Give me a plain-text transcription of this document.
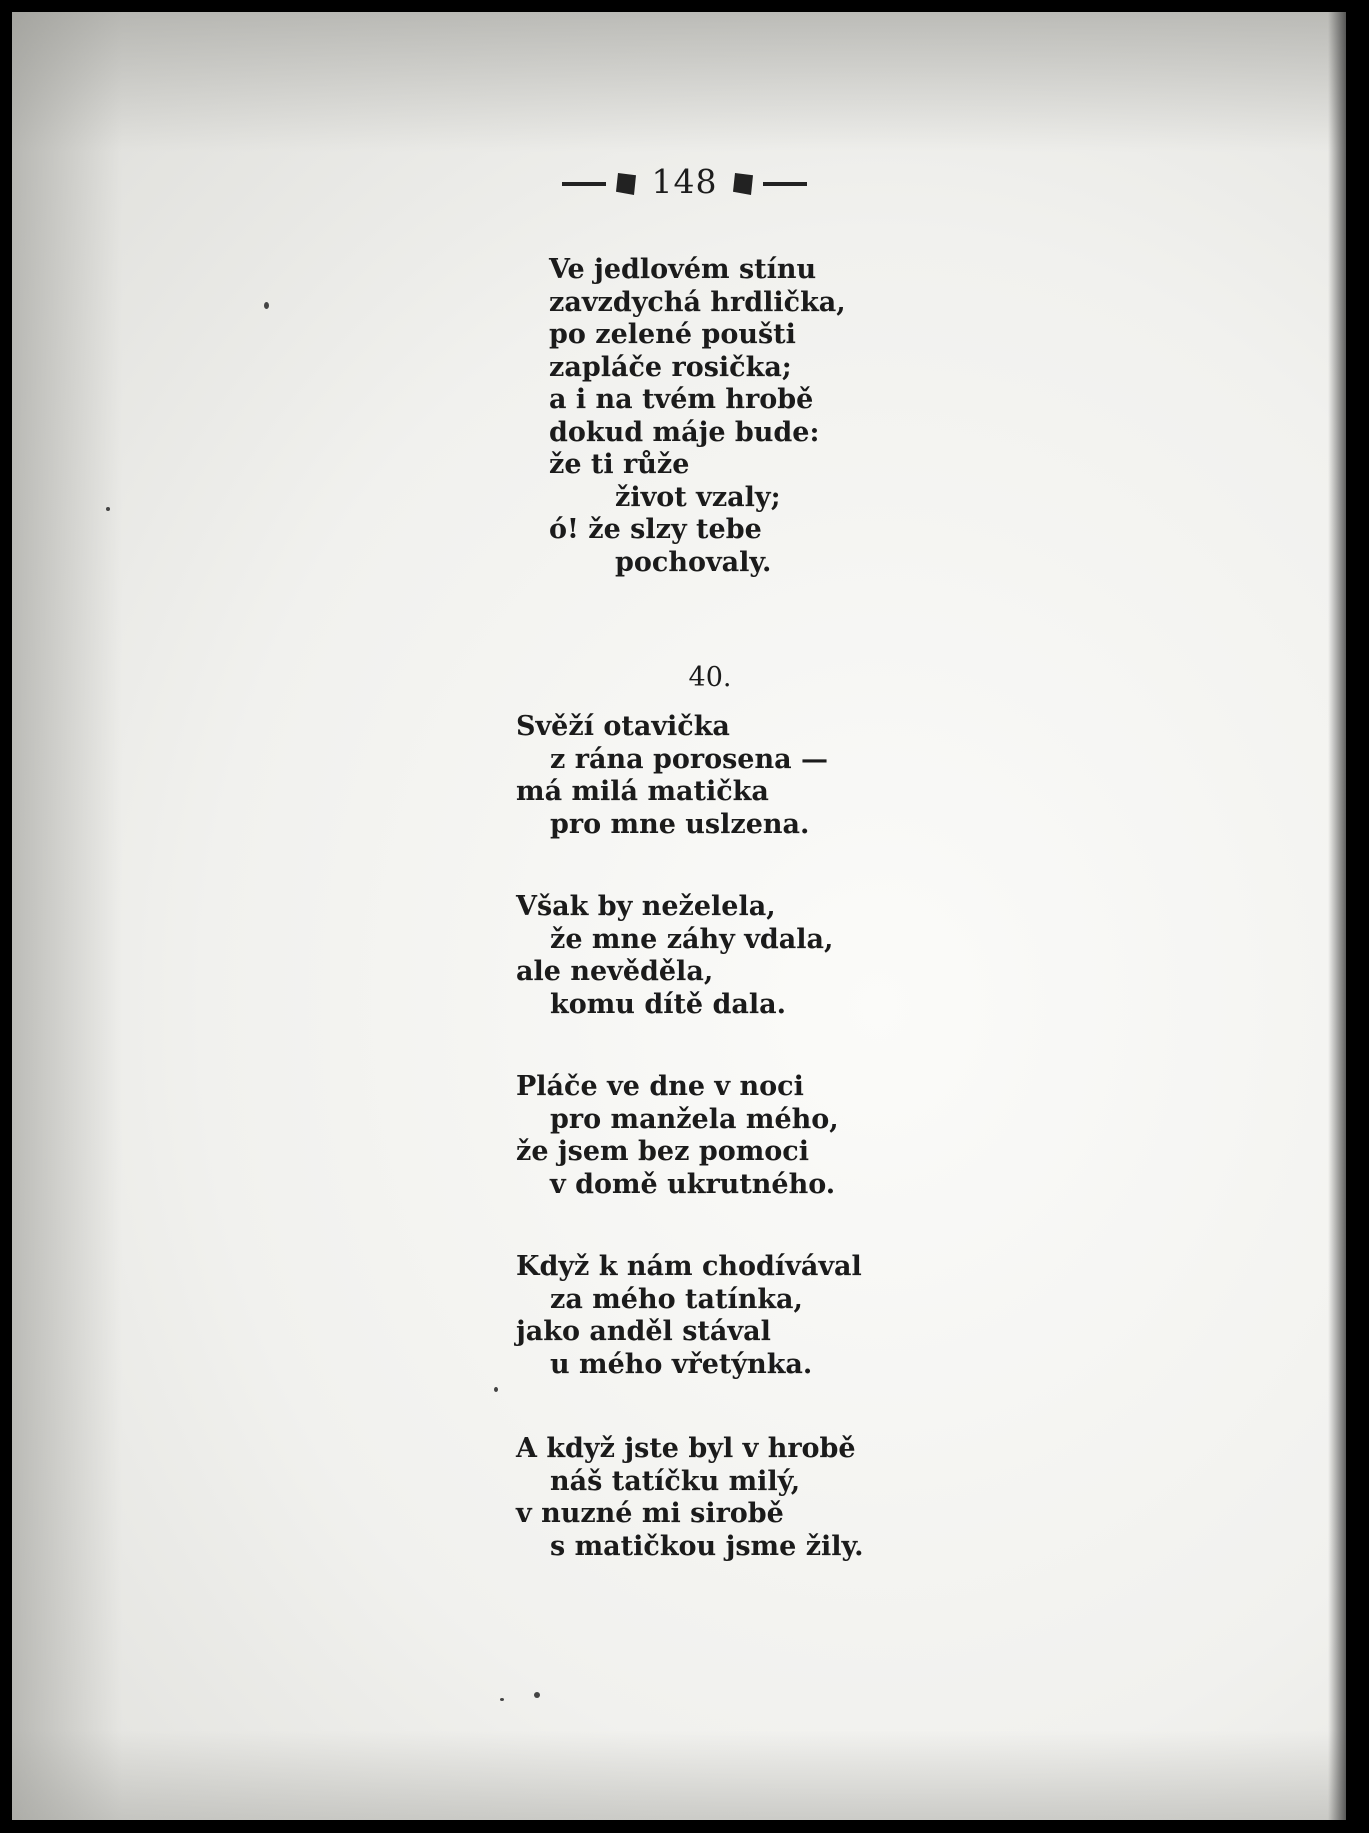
148
Ve jedlovém stínu
zavzdychá hrdlička,
po zelené poušti
zapláče rosička;
a i na tvém hrobě
dokud máje bude:
že ti růže
život vzaly;
ó! že slzy tebe
pochovaly.
40.
Svěží otavička
z rána porosena —
má milá matička
pro mne uslzena.
Však by neželela,
že mne záhy vdala,
ale nevěděla,
komu dítě dala.
Pláče ve dne v noci
pro manžela mého,
že jsem bez pomoci
v domě ukrutného.
Když k nám chodívával
za mého tatínka,
jako anděl stával
u mého vřetýnka.
A když jste byl v hrobě
náš tatíčku milý,
v nuzné mi sirobě
s matičkou jsme žily.
